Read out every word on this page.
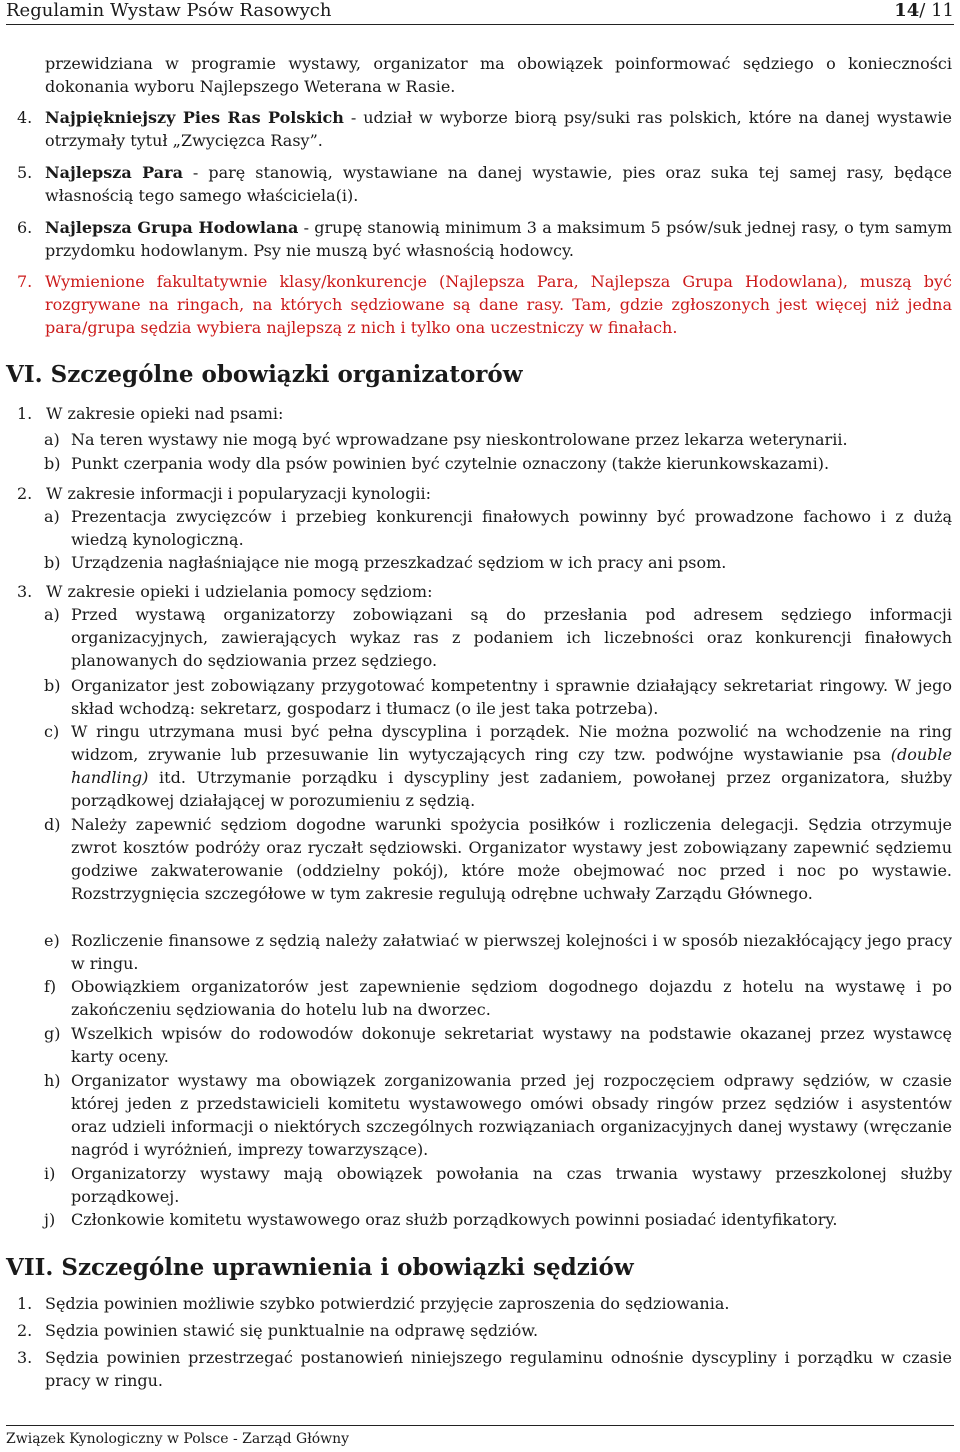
Regulamin Wystaw Psów Rasowych	14/ 11
przewidziana w programie wystawy, organizator ma obowiązek poinformować sędziego o konieczności dokonania wyboru Najlepszego Weterana w Rasie.
4. Najpiękniejszy Pies Ras Polskich - udział w wyborze biorą psy/suki ras polskich, które na danej wystawie otrzymały tytuł „Zwycięzca Rasy”.
5. Najlepsza Para - parę stanowią, wystawiane na danej wystawie, pies oraz suka tej samej rasy, będące własnością tego samego właściciela(i).
6. Najlepsza Grupa Hodowlana - grupę stanowią minimum 3 a maksimum 5 psów/suk jednej rasy, o tym samym przydomku hodowlanym. Psy nie muszą być własnością hodowcy.
7. Wymienione fakultatywnie klasy/konkurencje (Najlepsza Para, Najlepsza Grupa Hodowlana), muszą być rozgrywane na ringach, na których sędziowane są dane rasy. Tam, gdzie zgłoszonych jest więcej niż jedna para/grupa sędzia wybiera najlepszą z nich i tylko ona uczestniczy w finałach.
VI. Szczególne obowiązki organizatorów
1. W zakresie opieki nad psami:
a) Na teren wystawy nie mogą być wprowadzane psy nieskontrolowane przez lekarza weterynarii.
b) Punkt czerpania wody dla psów powinien być czytelnie oznaczony (także kierunkowskazami).
2. W zakresie informacji i popularyzacji kynologii:
a) Prezentacja zwycięzców i przebieg konkurencji finałowych powinny być prowadzone fachowo i z dużą wiedzą kynologiczną.
b) Urządzenia nagłaśniające nie mogą przeszkadzać sędziom w ich pracy ani psom.
3. W zakresie opieki i udzielania pomocy sędziom:
a) Przed wystawą organizatorzy zobowiązani są do przesłania pod adresem sędziego informacji organizacyjnych, zawierających wykaz ras z podaniem ich liczebności oraz konkurencji finałowych planowanych do sędziowania przez sędziego.
b) Organizator jest zobowiązany przygotować kompetentny i sprawnie działający sekretariat ringowy. W jego skład wchodzą: sekretarz, gospodarz i tłumacz (o ile jest taka potrzeba).
c) W ringu utrzymana musi być pełna dyscyplina i porządek. Nie można pozwolić na wchodzenie na ring widzom, zrywanie lub przesuwanie lin wytyczających ring czy tzw. podwójne wystawianie psa (double handling) itd. Utrzymanie porządku i dyscypliny jest zadaniem, powołanej przez organizatora, służby porządkowej działającej w porozumieniu z sędzią.
d) Należy zapewnić sędziom dogodne warunki spożycia posiłków i rozliczenia delegacji. Sędzia otrzymuje zwrot kosztów podróży oraz ryczałt sędziowski. Organizator wystawy jest zobowiązany zapewnić sędziemu godziwe zakwaterowanie (oddzielny pokój), które może obejmować noc przed i noc po wystawie. Rozstrzygnięcia szczegółowe w tym zakresie regulują odrębne uchwały Zarządu Głównego.
e) Rozliczenie finansowe z sędzią należy załatwiać w pierwszej kolejności i w sposób niezakłócający jego pracy w ringu.
f) Obowiązkiem organizatorów jest zapewnienie sędziom dogodnego dojazdu z hotelu na wystawę i po zakończeniu sędziowania do hotelu lub na dworzec.
g) Wszelkich wpisów do rodowodów dokonuje sekretariat wystawy na podstawie okazanej przez wystawcę karty oceny.
h) Organizator wystawy ma obowiązek zorganizowania przed jej rozpoczęciem odprawy sędziów, w czasie której jeden z przedstawicieli komitetu wystawowego omówi obsady ringów przez sędziów i asystentów oraz udzieli informacji o niektórych szczególnych rozwiązaniach organizacyjnych danej wystawy (wręczanie nagród i wyróżnień, imprezy towarzyszące).
i) Organizatorzy wystawy mają obowiązek powołania na czas trwania wystawy przeszkolonej służby porządkowej.
j) Członkowie komitetu wystawowego oraz służb porządkowych powinni posiadać identyfikatory.
VII. Szczególne uprawnienia i obowiązki sędziów
1. Sędzia powinien możliwie szybko potwierdzić przyjęcie zaproszenia do sędziowania.
2. Sędzia powinien stawić się punktualnie na odprawę sędziów.
3. Sędzia powinien przestrzegać postanowień niniejszego regulaminu odnośnie dyscypliny i porządku w czasie pracy w ringu.
Związek Kynologiczny w Polsce - Zarząd Główny
